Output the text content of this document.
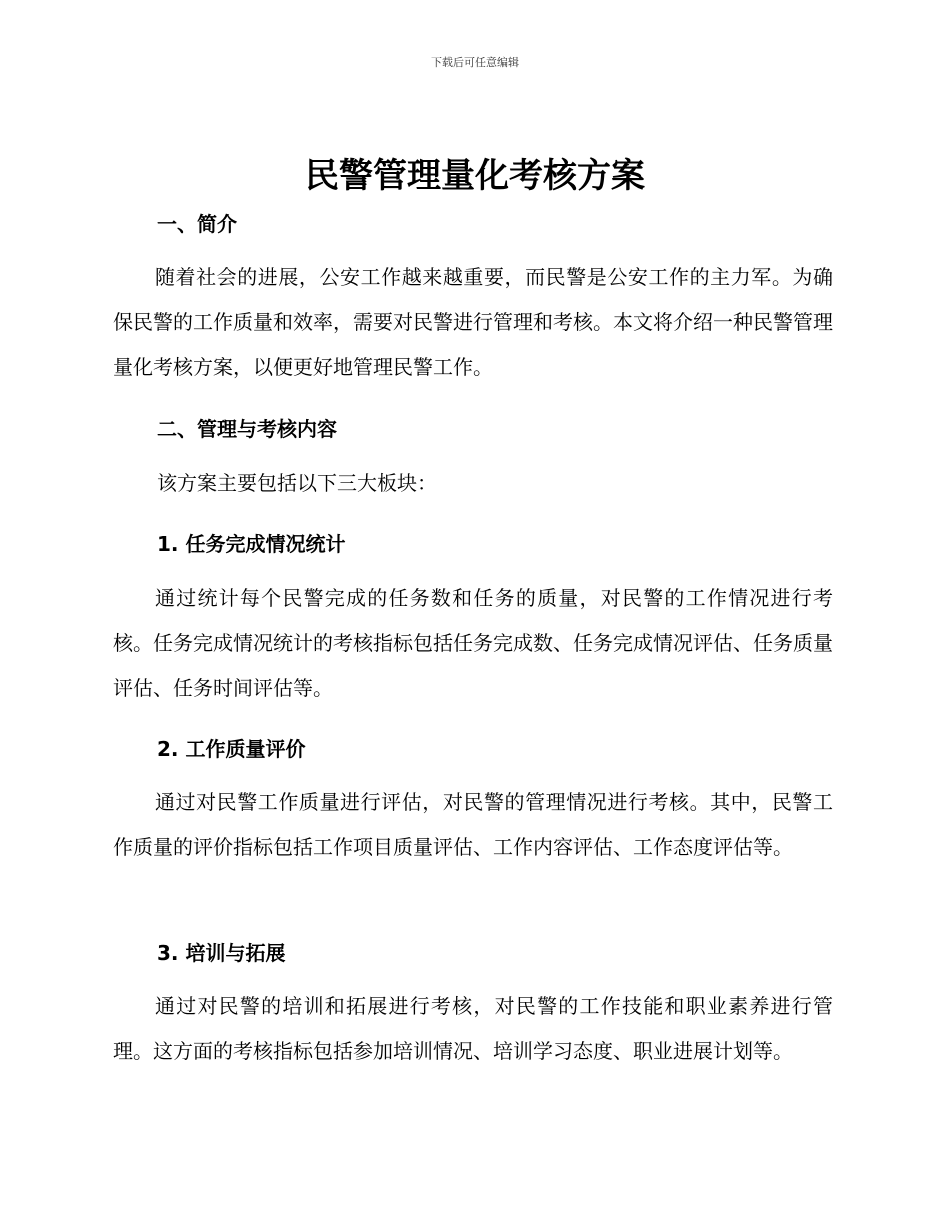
下载后可任意编辑
民警管理量化考核方案
一、简介

随着社会的进展，公安工作越来越重要，而民警是公安工作的主力军。为确保民警的工作质量和效率，需要对民警进行管理和考核。本文将介绍一种民警管理量化考核方案，以便更好地管理民警工作。

二、管理与考核内容

该方案主要包括以下三大板块：

1. 任务完成情况统计

通过统计每个民警完成的任务数和任务的质量，对民警的工作情况进行考核。任务完成情况统计的考核指标包括任务完成数、任务完成情况评估、任务质量评估、任务时间评估等。

2. 工作质量评价

通过对民警工作质量进行评估，对民警的管理情况进行考核。其中，民警工作质量的评价指标包括工作项目质量评估、工作内容评估、工作态度评估等。

3. 培训与拓展

通过对民警的培训和拓展进行考核，对民警的工作技能和职业素养进行管理。这方面的考核指标包括参加培训情况、培训学习态度、职业进展计划等。
